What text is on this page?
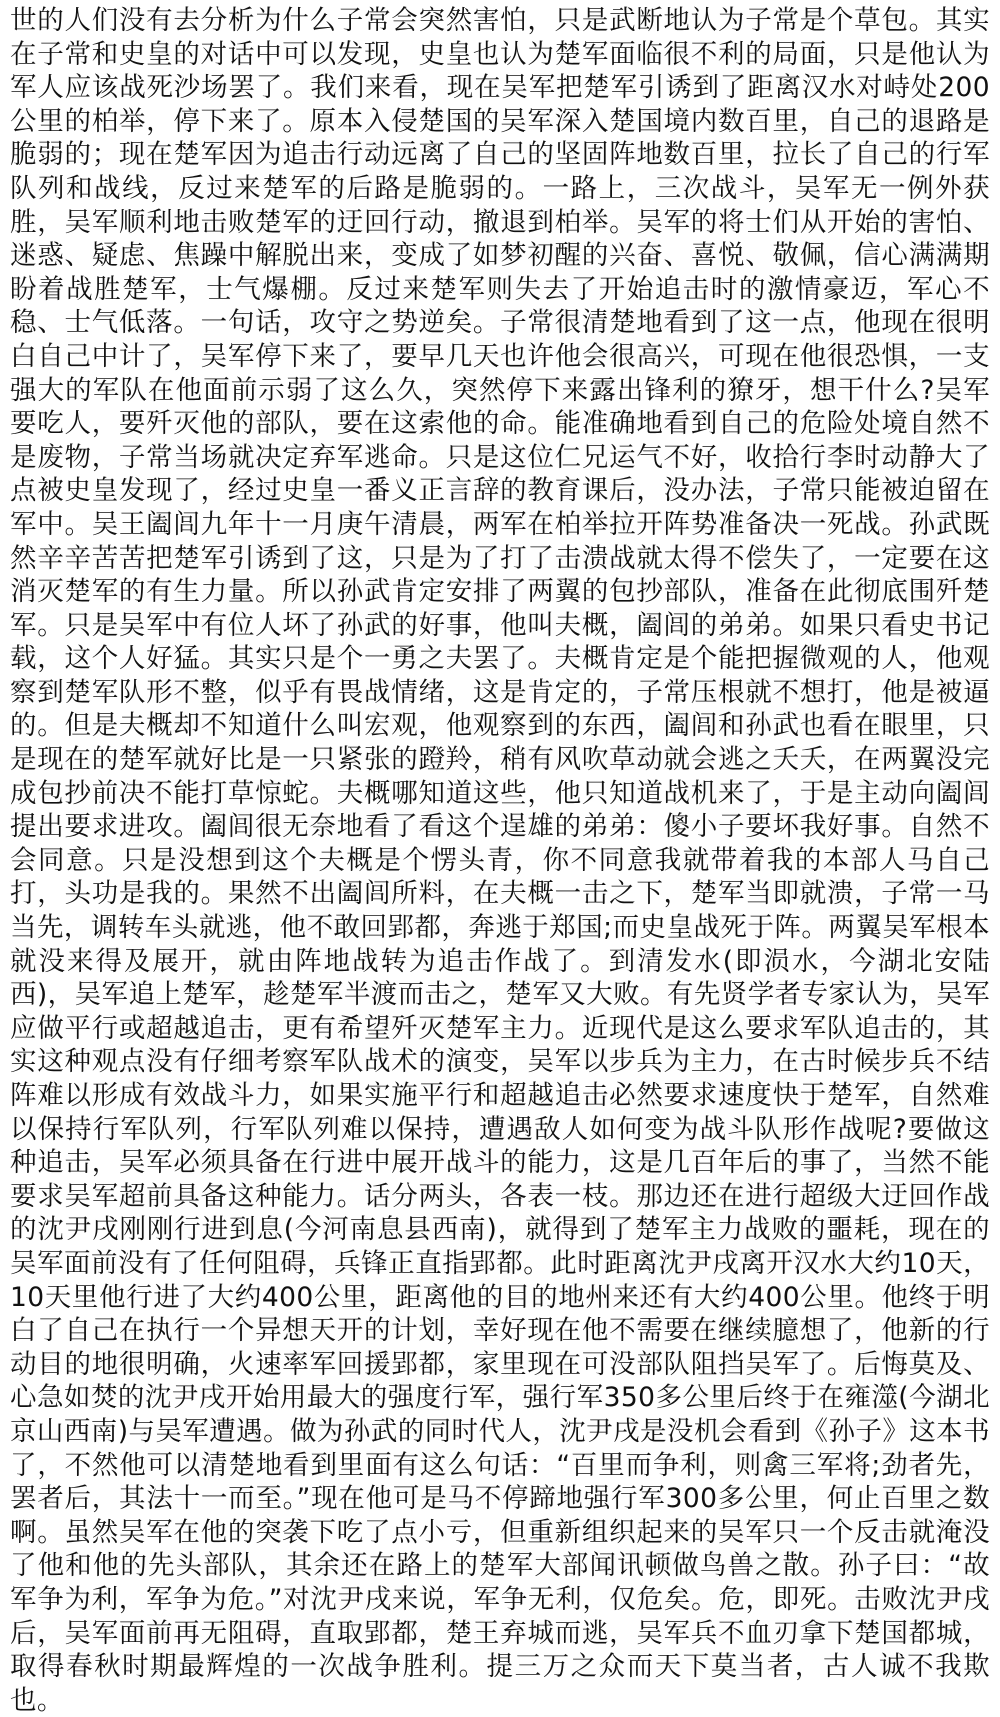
世的人们没有去分析为什么子常会突然害怕，只是武断地认为子常是个草包。其实在子常和史皇的对话中可以发现，史皇也认为楚军面临很不利的局面，只是他认为军人应该战死沙场罢了。我们来看，现在吴军把楚军引诱到了距离汉水对峙处200公里的柏举，停下来了。原本入侵楚国的吴军深入楚国境内数百里，自己的退路是脆弱的；现在楚军因为追击行动远离了自己的坚固阵地数百里，拉长了自己的行军队列和战线，反过来楚军的后路是脆弱的。一路上，三次战斗，吴军无一例外获胜，吴军顺利地击败楚军的迂回行动，撤退到柏举。吴军的将士们从开始的害怕、迷惑、疑虑、焦躁中解脱出来，变成了如梦初醒的兴奋、喜悦、敬佩，信心满满期盼着战胜楚军，士气爆棚。反过来楚军则失去了开始追击时的激情豪迈，军心不稳、士气低落。一句话，攻守之势逆矣。子常很清楚地看到了这一点，他现在很明白自己中计了，吴军停下来了，要早几天也许他会很高兴，可现在他很恐惧，一支强大的军队在他面前示弱了这么久，突然停下来露出锋利的獠牙，想干什么?吴军要吃人，要歼灭他的部队，要在这索他的命。能准确地看到自己的危险处境自然不是废物，子常当场就决定弃军逃命。只是这位仁兄运气不好，收拾行李时动静大了点被史皇发现了，经过史皇一番义正言辞的教育课后，没办法，子常只能被迫留在军中。吴王阖闾九年十一月庚午清晨，两军在柏举拉开阵势准备决一死战。孙武既然辛辛苦苦把楚军引诱到了这，只是为了打了击溃战就太得不偿失了，一定要在这消灭楚军的有生力量。所以孙武肯定安排了两翼的包抄部队，准备在此彻底围歼楚军。只是吴军中有位人坏了孙武的好事，他叫夫概，阖闾的弟弟。如果只看史书记载，这个人好猛。其实只是个一勇之夫罢了。夫概肯定是个能把握微观的人，他观察到楚军队形不整，似乎有畏战情绪，这是肯定的，子常压根就不想打，他是被逼的。但是夫概却不知道什么叫宏观，他观察到的东西，阖闾和孙武也看在眼里，只是现在的楚军就好比是一只紧张的蹬羚，稍有风吹草动就会逃之夭夭，在两翼没完成包抄前决不能打草惊蛇。夫概哪知道这些，他只知道战机来了，于是主动向阖闾提出要求进攻。阖闾很无奈地看了看这个逞雄的弟弟：傻小子要坏我好事。自然不会同意。只是没想到这个夫概是个愣头青，你不同意我就带着我的本部人马自己打，头功是我的。果然不出阖闾所料，在夫概一击之下，楚军当即就溃，子常一马当先，调转车头就逃，他不敢回郢都，奔逃于郑国;而史皇战死于阵。两翼吴军根本就没来得及展开，就由阵地战转为追击作战了。到清发水(即涢水，今湖北安陆西)，吴军追上楚军，趁楚军半渡而击之，楚军又大败。有先贤学者专家认为，吴军应做平行或超越追击，更有希望歼灭楚军主力。近现代是这么要求军队追击的，其实这种观点没有仔细考察军队战术的演变，吴军以步兵为主力，在古时候步兵不结阵难以形成有效战斗力，如果实施平行和超越追击必然要求速度快于楚军，自然难以保持行军队列，行军队列难以保持，遭遇敌人如何变为战斗队形作战呢?要做这种追击，吴军必须具备在行进中展开战斗的能力，这是几百年后的事了，当然不能要求吴军超前具备这种能力。话分两头，各表一枝。那边还在进行超级大迂回作战的沈尹戌刚刚行进到息(今河南息县西南)，就得到了楚军主力战败的噩耗，现在的吴军面前没有了任何阻碍，兵锋正直指郢都。此时距离沈尹戌离开汉水大约10天，10天里他行进了大约400公里，距离他的目的地州来还有大约400公里。他终于明白了自己在执行一个异想天开的计划，幸好现在他不需要在继续臆想了，他新的行动目的地很明确，火速率军回援郢都，家里现在可没部队阻挡吴军了。后悔莫及、心急如焚的沈尹戌开始用最大的强度行军，强行军350多公里后终于在雍澨(今湖北京山西南)与吴军遭遇。做为孙武的同时代人，沈尹戌是没机会看到《孙子》这本书了，不然他可以清楚地看到里面有这么句话：“百里而争利，则禽三军将;劲者先，罢者后，其法十一而至。”现在他可是马不停蹄地强行军300多公里，何止百里之数啊。虽然吴军在他的突袭下吃了点小亏，但重新组织起来的吴军只一个反击就淹没了他和他的先头部队，其余还在路上的楚军大部闻讯顿做鸟兽之散。孙子曰：“故军争为利，军争为危。”对沈尹戌来说，军争无利，仅危矣。危，即死。击败沈尹戌后，吴军面前再无阻碍，直取郢都，楚王弃城而逃，吴军兵不血刃拿下楚国都城，取得春秋时期最辉煌的一次战争胜利。提三万之众而天下莫当者，古人诚不我欺也。
